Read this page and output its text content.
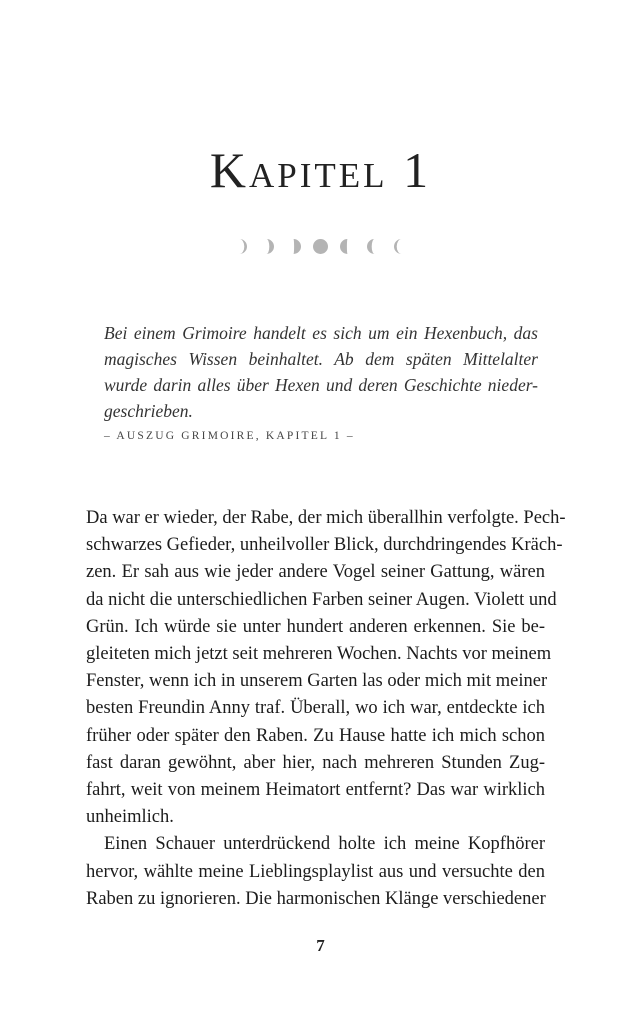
Kapitel 1
Bei einem Grimoire handelt es sich um ein Hexenbuch, das
magisches Wissen beinhaltet. Ab dem späten Mittelalter
wurde darin alles über Hexen und deren Geschichte nieder-
geschrieben.
– AUSZUG GRIMOIRE, KAPITEL 1 –
Da war er wieder, der Rabe, der mich überallhin verfolgte. Pech-
schwarzes Gefieder, unheilvoller Blick, durchdringendes Kräch-
zen. Er sah aus wie jeder andere Vogel seiner Gattung, wären
da nicht die unterschiedlichen Farben seiner Augen. Violett und
Grün. Ich würde sie unter hundert anderen erkennen. Sie be-
gleiteten mich jetzt seit mehreren Wochen. Nachts vor meinem
Fenster, wenn ich in unserem Garten las oder mich mit meiner
besten Freundin Anny traf. Überall, wo ich war, entdeckte ich
früher oder später den Raben. Zu Hause hatte ich mich schon
fast daran gewöhnt, aber hier, nach mehreren Stunden Zug-
fahrt, weit von meinem Heimatort entfernt? Das war wirklich
unheimlich.
Einen Schauer unterdrückend holte ich meine Kopfhörer
hervor, wählte meine Lieblingsplaylist aus und versuchte den
Raben zu ignorieren. Die harmonischen Klänge verschiedener
7
